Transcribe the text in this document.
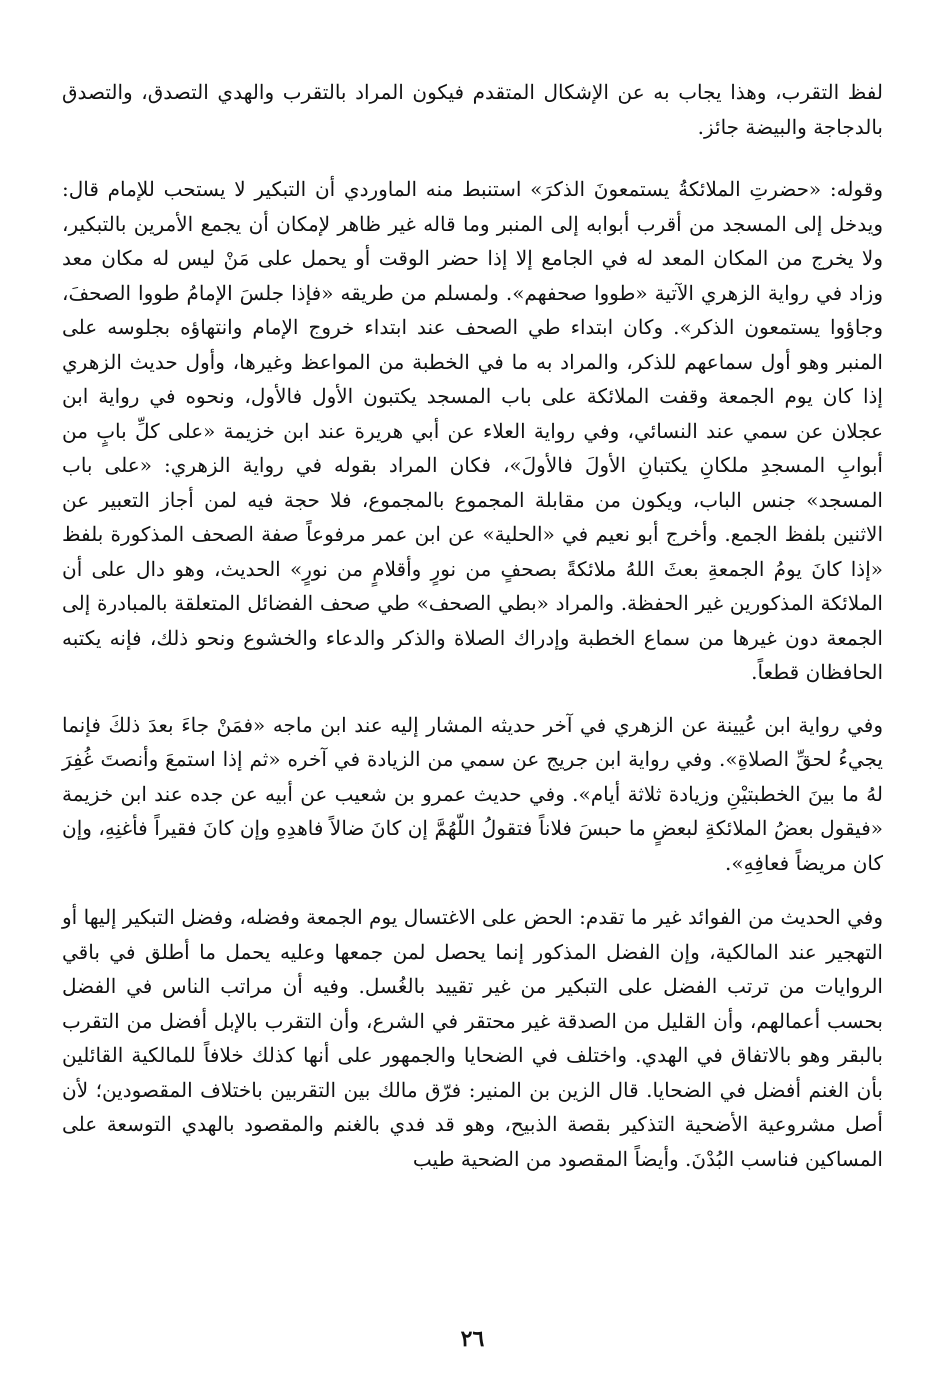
لفظ التقرب، وهذا يجاب به عن الإشكال المتقدم فيكون المراد بالتقرب والهدي التصدق، والتصدق بالدجاجة والبيضة جائز.

وقوله: «حضرتِ الملائكةُ يستمعونَ الذكرَ» استنبط منه الماوردي أن التبكير لا يستحب للإمام قال: ويدخل إلى المسجد من أقرب أبوابه إلى المنبر وما قاله غير ظاهر لإمكان أن يجمع الأمرين بالتبكير، ولا يخرج من المكان المعد له في الجامع إلا إذا حضر الوقت أو يحمل على مَنْ ليس له مكان معد وزاد في رواية الزهري الآتية «طووا صحفهم». ولمسلم من طريقه «فإذا جلسَ الإمامُ طووا الصحفَ، وجاؤوا يستمعون الذكر». وكان ابتداء طي الصحف عند ابتداء خروج الإمام وانتهاؤه بجلوسه على المنبر وهو أول سماعهم للذكر، والمراد به ما في الخطبة من المواعظ وغيرها، وأول حديث الزهري إذا كان يوم الجمعة وقفت الملائكة على باب المسجد يكتبون الأول فالأول، ونحوه في رواية ابن عجلان عن سمي عند النسائي، وفي رواية العلاء عن أبي هريرة عند ابن خزيمة «على كلِّ بابٍ من أبوابِ المسجدِ ملكانِ يكتبانِ الأولَ فالأولَ»، فكان المراد بقوله في رواية الزهري: «على باب المسجد» جنس الباب، ويكون من مقابلة المجموع بالمجموع، فلا حجة فيه لمن أجاز التعبير عن الاثنين بلفظ الجمع. وأخرج أبو نعيم في «الحلية» عن ابن عمر مرفوعاً صفة الصحف المذكورة بلفظ «إذا كانَ يومُ الجمعةِ بعثَ اللهُ ملائكةً بصحفٍ من نورٍ وأقلامٍ من نورٍ» الحديث، وهو دال على أن الملائكة المذكورين غير الحفظة. والمراد «بطي الصحف» طي صحف الفضائل المتعلقة بالمبادرة إلى الجمعة دون غيرها من سماع الخطبة وإدراك الصلاة والذكر والدعاء والخشوع ونحو ذلك، فإنه يكتبه الحافظان قطعاً.

وفي رواية ابن عُيينة عن الزهري في آخر حديثه المشار إليه عند ابن ماجه «فمَنْ جاءَ بعدَ ذلكَ فإنما يجيءُ لحقِّ الصلاةِ». وفي رواية ابن جريج عن سمي من الزيادة في آخره «ثم إذا استمعَ وأنصتَ غُفِرَ لهُ ما بينَ الخطبتيْنِ وزيادة ثلاثة أيام». وفي حديث عمرو بن شعيب عن أبيه عن جده عند ابن خزيمة «فيقول بعضُ الملائكةِ لبعضٍ ما حبسَ فلاناً فتقولُ اللّهُمَّ إن كانَ ضالاً فاهدِهِ وإن كانَ فقيراً فأغنِهِ، وإن كان مريضاً فعافِهِ».

وفي الحديث من الفوائد غير ما تقدم: الحض على الاغتسال يوم الجمعة وفضله، وفضل التبكير إليها أو التهجير عند المالكية، وإن الفضل المذكور إنما يحصل لمن جمعها وعليه يحمل ما أطلق في باقي الروايات من ترتب الفضل على التبكير من غير تقييد بالغُسل. وفيه أن مراتب الناس في الفضل بحسب أعمالهم، وأن القليل من الصدقة غير محتقر في الشرع، وأن التقرب بالإبل أفضل من التقرب بالبقر وهو بالاتفاق في الهدي. واختلف في الضحايا والجمهور على أنها كذلك خلافاً للمالكية القائلين بأن الغنم أفضل في الضحايا. قال الزين بن المنير: فرّق مالك بين التقربين باختلاف المقصودين؛ لأن أصل مشروعية الأضحية التذكير بقصة الذبيح، وهو قد فدي بالغنم والمقصود بالهدي التوسعة على المساكين فناسب البُدْنَ. وأيضاً المقصود من الضحية طيب

٢٦
